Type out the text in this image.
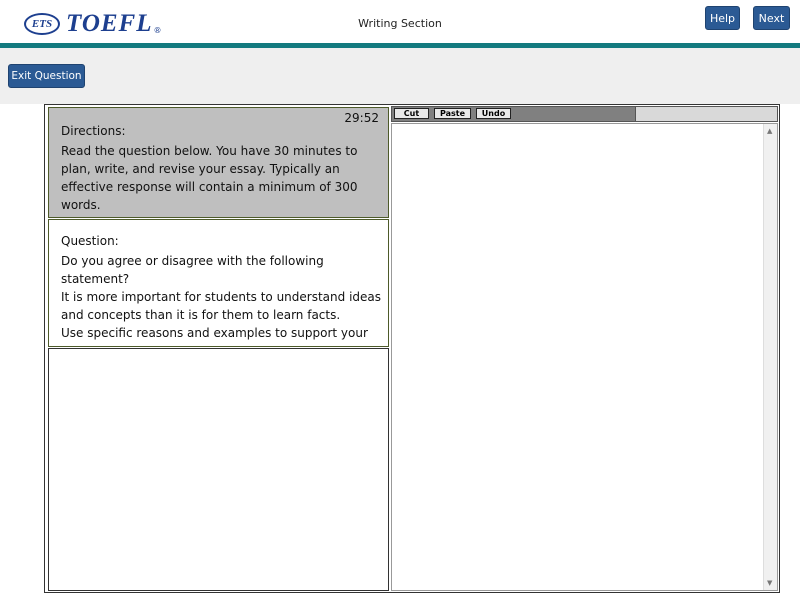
ETS TOEFL ®	Writing Section	Help	Next
Exit Question
29:52
Directions:
Read the question below. You have 30 minutes to plan, write, and revise your essay. Typically an effective response will contain a minimum of 300 words.
Question:
Do you agree or disagree with the following statement?
It is more important for students to understand ideas and concepts than it is for them to learn facts.
Use specific reasons and examples to support your
Cut	Paste	Undo
▲
▼
